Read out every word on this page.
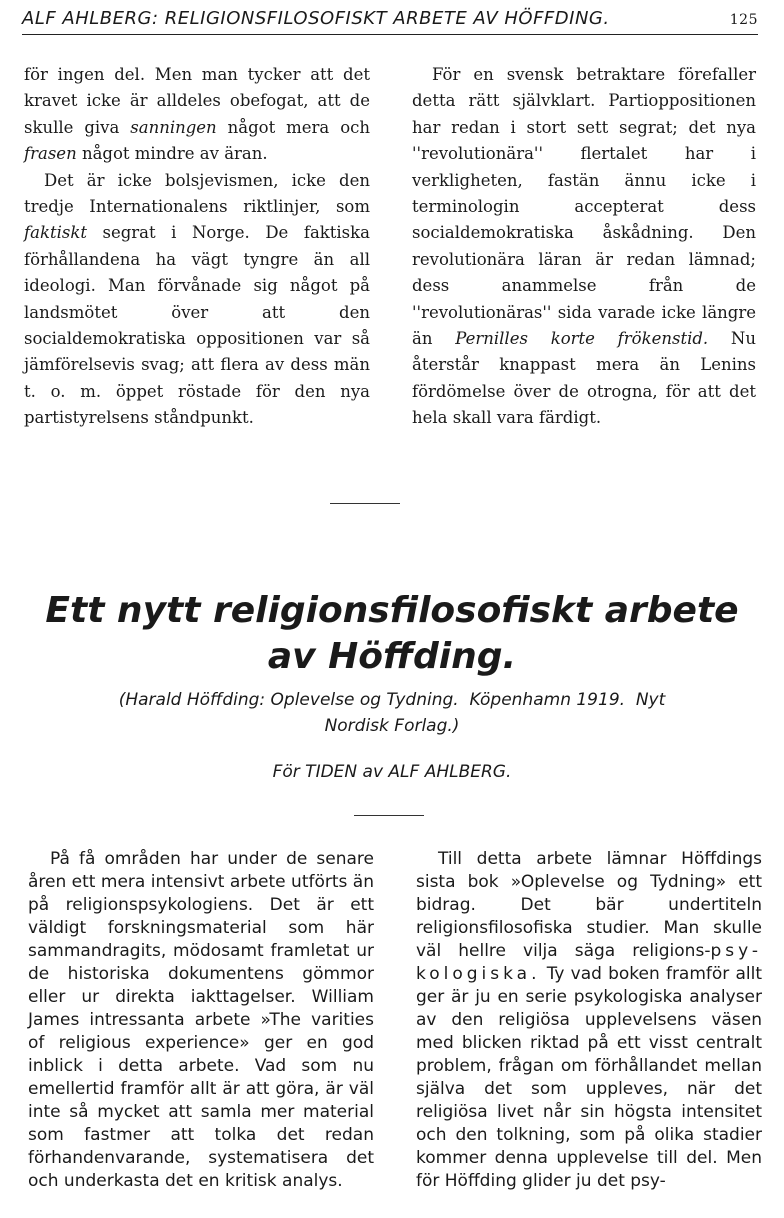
ALF AHLBERG: RELIGIONSFILOSOFISKT ARBETE AV HÖFFDING.	125

för ingen del. Men man tycker att det kravet icke är alldeles obefogat, att de skulle giva sanningen något mera och frasen något mindre av äran.

Det är icke bolsjevismen, icke den tredje Internationalens riktlinjer, som faktiskt segrat i Norge. De faktiska förhållandena ha vägt tyngre än all ideologi. Man förvånade sig något på landsmötet över att den socialdemokratiska oppositionen var så jämförelsevis svag; att flera av dess män t. o. m. öppet röstade för den nya partistyrelsens ståndpunkt.

För en svensk betraktare förefaller detta rätt självklart. Partioppositionen har redan i stort sett segrat; det nya ''revolutionära'' flertalet har i verkligheten, fastän ännu icke i terminologin accepterat dess socialdemokratiska åskådning. Den revolutionära läran är redan lämnad; dess anammelse från de ''revolutionäras'' sida varade icke längre än Pernilles korte frökenstid. Nu återstår knappast mera än Lenins fördömelse över de otrogna, för att det hela skall vara färdigt.

Ett nytt religionsfilosofiskt arbete
av Höffding.
(Harald Höffding: Oplevelse og Tydning.  Köpenhamn 1919.  Nyt
Nordisk Forlag.)
För TIDEN av ALF AHLBERG.

På få områden har under de senare åren ett mera intensivt arbete utförts än på religionspsykologiens. Det är ett väldigt forskningsmaterial som här sammandragits, mödosamt framletat ur de historiska dokumentens gömmor eller ur direkta iakttagelser. William James intressanta arbete »The varities of religious experience» ger en god inblick i detta arbete. Vad som nu emellertid framför allt är att göra, är väl inte så mycket att samla mer material som fastmer att tolka det redan förhandenvarande, systematisera det och underkasta det en kritisk analys.

Till detta arbete lämnar Höffdings sista bok »Oplevelse og Tydning» ett bidrag. Det bär undertiteln religionsfilosofiska studier. Man skulle väl hellre vilja säga religions-psy- kologiska. Ty vad boken framför allt ger är ju en serie psykologiska analyser av den religiösa upplevelsens väsen med blicken riktad på ett visst centralt problem, frågan om förhållandet mellan själva det som uppleves, när det religiösa livet når sin högsta intensitet och den tolkning, som på olika stadier kommer denna upplevelse till del. Men för Höffding glider ju det psy-
